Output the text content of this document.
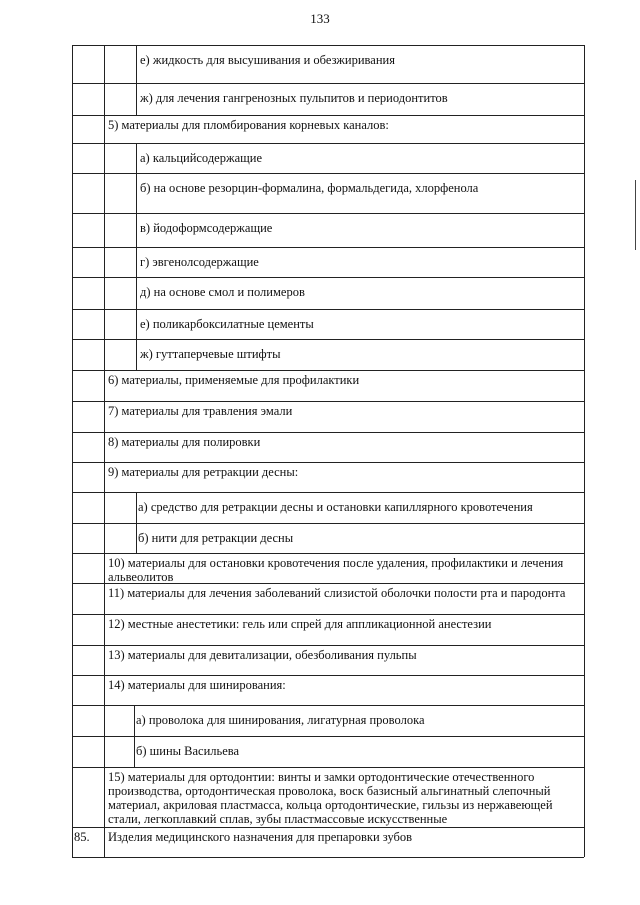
133
е) жидкость для высушивания и обезжиривания
ж) для лечения гангренозных пульпитов и периодонтитов
5) материалы для пломбирования корневых каналов:
а) кальцийсодержащие
б) на основе резорцин-формалина, формальдегида, хлорфенола
в) йодоформсодержащие
г) эвгенолсодержащие
д) на основе смол и полимеров
е) поликарбоксилатные цементы
ж) гуттаперчевые штифты
6) материалы, применяемые для профилактики
7) материалы для травления эмали
8) материалы для полировки
9) материалы для ретракции десны:
а) средство для ретракции десны и остановки капиллярного кровотечения
б) нити для ретракции десны
10) материалы для остановки кровотечения после удаления, профилактики и лечения альвеолитов
11) материалы для лечения заболеваний слизистой оболочки полости рта и пародонта
12) местные анестетики: гель или спрей для аппликационной анестезии
13) материалы для девитализации, обезболивания пульпы
14) материалы для шинирования:
а) проволока для шинирования, лигатурная проволока
б) шины Васильева
15) материалы для ортодонтии: винты и замки ортодонтические отечественного производства, ортодонтическая проволока, воск базисный альгинатный слепочный материал, акриловая пластмасса, кольца ортодонтические, гильзы из нержавеющей стали, легкоплавкий сплав, зубы пластмассовые искусственные
85. Изделия медицинского назначения для препаровки зубов
